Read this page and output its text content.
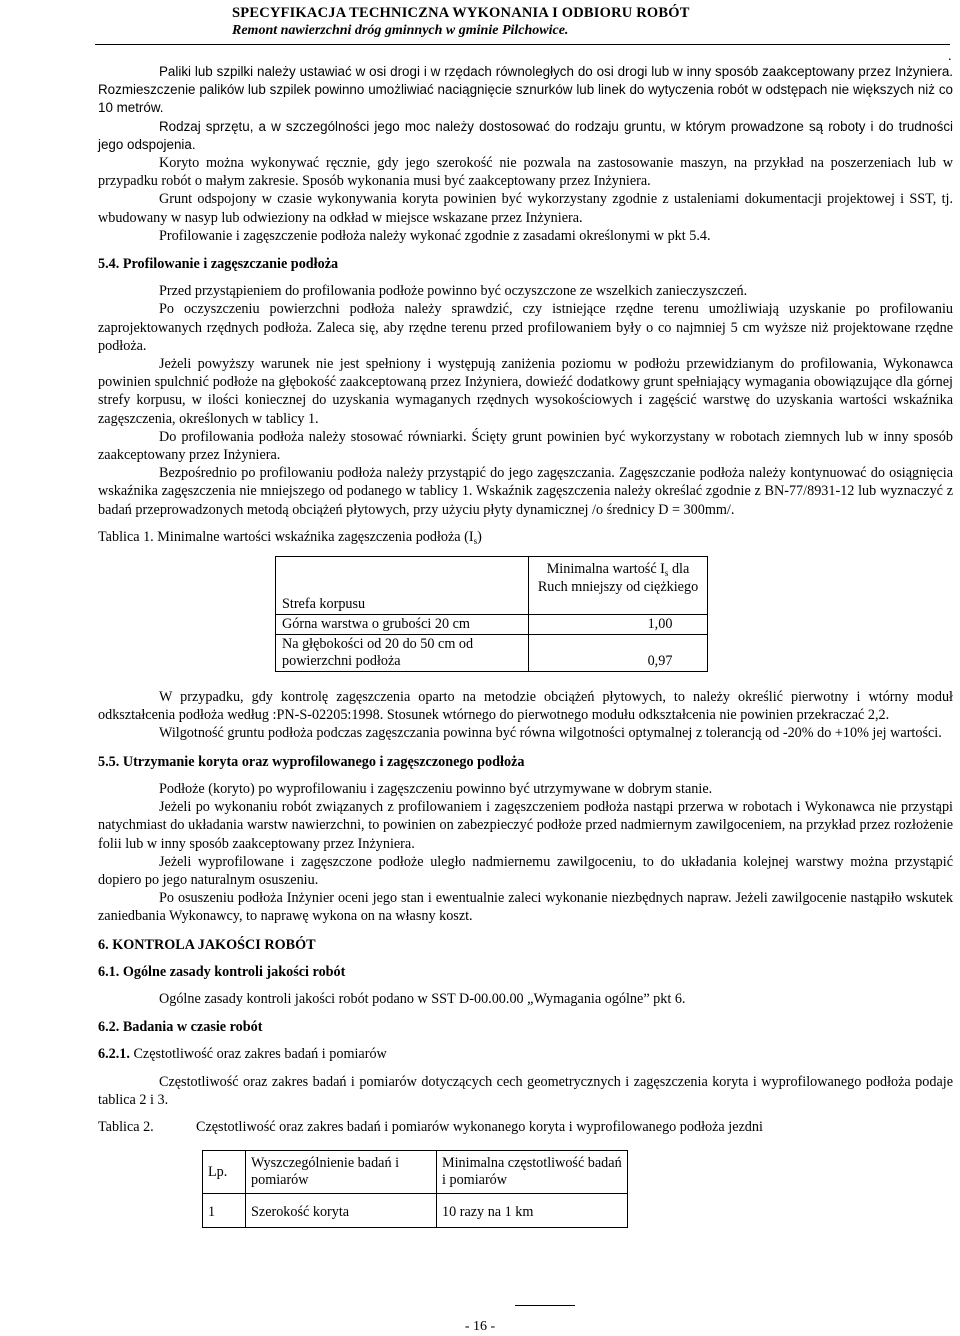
SPECYFIKACJA TECHNICZNA WYKONANIA I ODBIORU ROBÓT
Remont nawierzchni dróg gminnych w gminie Pilchowice.
.

Paliki lub szpilki należy ustawiać w osi drogi i w rzędach równoległych do osi drogi lub w inny sposób zaakceptowany przez Inżyniera. Rozmieszczenie palików lub szpilek powinno umożliwiać naciągnięcie sznurków lub linek do wytyczenia robót w odstępach nie większych niż co 10 metrów.

Rodzaj sprzętu, a w szczególności jego moc należy dostosować do rodzaju gruntu, w którym prowadzone są roboty i do trudności jego odspojenia.

Koryto można wykonywać ręcznie, gdy jego szerokość nie pozwala na zastosowanie maszyn, na przykład na poszerzeniach lub w przypadku robót o małym zakresie. Sposób wykonania musi być zaakceptowany przez Inżyniera.

Grunt odspojony w czasie wykonywania koryta powinien być wykorzystany zgodnie z ustaleniami dokumentacji projektowej i SST, tj. wbudowany w nasyp lub odwieziony na odkład w miejsce wskazane przez Inżyniera.

Profilowanie i zagęszczenie podłoża należy wykonać zgodnie z zasadami określonymi w pkt 5.4.

5.4. Profilowanie i zagęszczanie podłoża

Przed przystąpieniem do profilowania podłoże powinno być oczyszczone ze wszelkich zanieczyszczeń.

Po oczyszczeniu powierzchni podłoża należy sprawdzić, czy istniejące rzędne terenu umożliwiają uzyskanie po profilowaniu zaprojektowanych rzędnych podłoża. Zaleca się, aby rzędne terenu przed profilowaniem były o co najmniej 5 cm wyższe niż projektowane rzędne podłoża.

Jeżeli powyższy warunek nie jest spełniony i występują zaniżenia poziomu w podłożu przewidzianym do profilowania, Wykonawca powinien spulchnić podłoże na głębokość zaakceptowaną przez Inżyniera, dowieźć dodatkowy grunt spełniający wymagania obowiązujące dla górnej strefy korpusu, w ilości koniecznej do uzyskania wymaganych rzędnych wysokościowych i zagęścić warstwę do uzyskania wartości wskaźnika zagęszczenia, określonych w tablicy 1.

Do profilowania podłoża należy stosować równiarki. Ścięty grunt powinien być wykorzystany w robotach ziemnych lub w inny sposób zaakceptowany przez Inżyniera.

Bezpośrednio po profilowaniu podłoża należy przystąpić do jego zagęszczania. Zagęszczanie podłoża należy kontynuować do osiągnięcia wskaźnika zagęszczenia nie mniejszego od podanego w tablicy 1. Wskaźnik zagęszczenia należy określać zgodnie z BN-77/8931-12 lub wyznaczyć z badań przeprowadzonych metodą obciążeń płytowych, przy użyciu płyty dynamicznej /o średnicy D = 300mm/.

Tablica 1. Minimalne wartości wskaźnika zagęszczenia podłoża $(I_s)$

Strefa korpusu	Minimalna wartość $I_s$ dla
Ruch mniejszy od ciężkiego

Górna warstwa o grubości 20 cm	1,00
Na głębokości od 20 do 50 cm od powierzchni podłoża	0,97

W przypadku, gdy kontrolę zagęszczenia oparto na metodzie obciążeń płytowych, to należy określić pierwotny i wtórny moduł odkształcenia podłoża według :PN-S-02205:1998. Stosunek wtórnego do pierwotnego modułu odkształcenia nie powinien przekraczać 2,2.

Wilgotność gruntu podłoża podczas zagęszczania powinna być równa wilgotności optymalnej z tolerancją od -20% do +10% jej wartości.

5.5. Utrzymanie koryta oraz wyprofilowanego i zagęszczonego podłoża

Podłoże (koryto) po wyprofilowaniu i zagęszczeniu powinno być utrzymywane w dobrym stanie.

Jeżeli po wykonaniu robót związanych z profilowaniem i zagęszczeniem podłoża nastąpi przerwa w robotach i Wykonawca nie przystąpi natychmiast do układania warstw nawierzchni, to powinien on zabezpieczyć podłoże przed nadmiernym zawilgoceniem, na przykład przez rozłożenie folii lub w inny sposób zaakceptowany przez Inżyniera.

Jeżeli wyprofilowane i zagęszczone podłoże uległo nadmiernemu zawilgoceniu, to do układania kolejnej warstwy można przystąpić dopiero po jego naturalnym osuszeniu.

Po osuszeniu podłoża Inżynier oceni jego stan i ewentualnie zaleci wykonanie niezbędnych napraw. Jeżeli zawilgocenie nastąpiło wskutek zaniedbania Wykonawcy, to naprawę wykona on na własny koszt.

6. KONTROLA JAKOŚCI ROBÓT

6.1. Ogólne zasady kontroli jakości robót

Ogólne zasady kontroli jakości robót podano w SST D-00.00.00 „Wymagania ogólne” pkt 6.

6.2. Badania w czasie robót

6.2.1. Częstotliwość oraz zakres badań i pomiarów

Częstotliwość oraz zakres badań i pomiarów dotyczących cech geometrycznych i zagęszczenia koryta i wyprofilowanego podłoża podaje tablica 2 i 3.

Tablica 2.	Częstotliwość oraz zakres badań i pomiarów wykonanego koryta i wyprofilowanego podłoża jezdni
Lp.	Wyszczególnienie badań i pomiarów	Minimalna częstotliwość badań i pomiarów
1	Szerokość koryta	10 razy na 1 km
- 16 -
